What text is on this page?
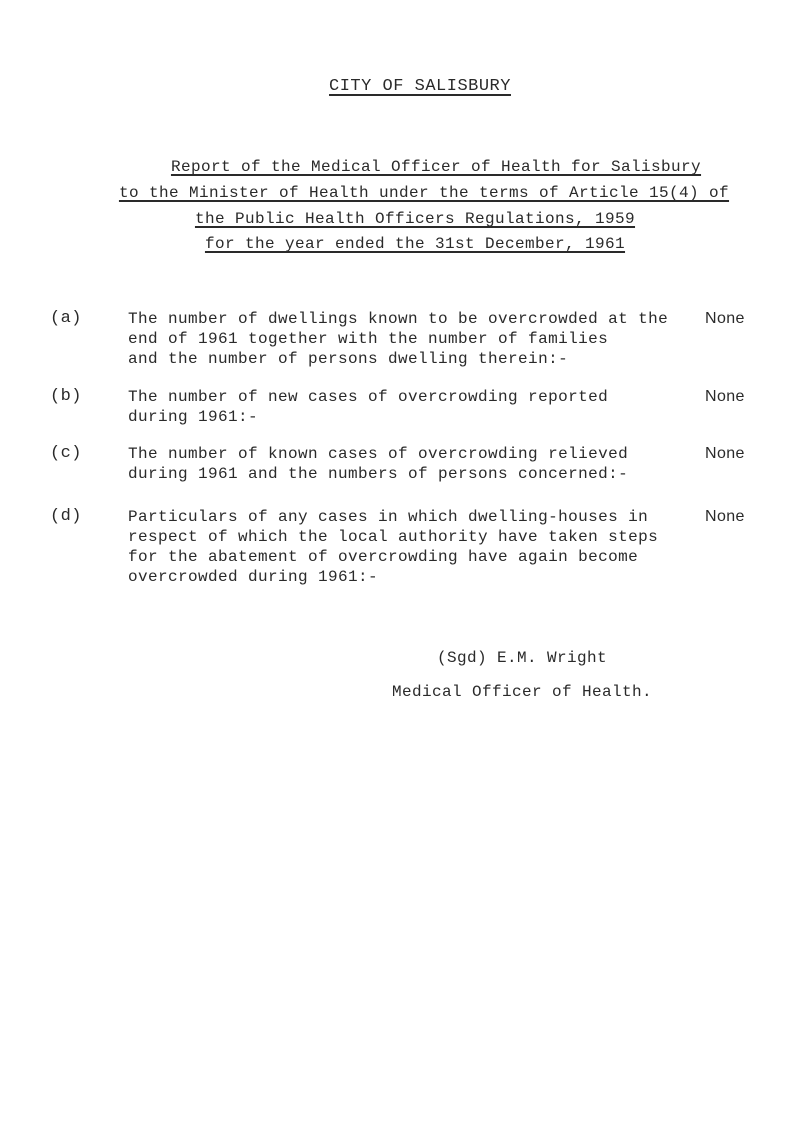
CITY OF SALISBURY
Report of the Medical Officer of Health for Salisbury
to the Minister of Health under the terms of Article 15(4) of
the Public Health Officers Regulations, 1959
for the year ended the 31st December, 1961
(a)	The number of dwellings known to be overcrowded at the
end of 1961 together with the number of families
and the number of persons dwelling therein:-
None
(b)	The number of new cases of overcrowding reported
during 1961:-
None
(c)	The number of known cases of overcrowding relieved
during 1961 and the numbers of persons concerned:-
None
(d)	Particulars of any cases in which dwelling-houses in
respect of which the local authority have taken steps
for the abatement of overcrowding have again become
overcrowded during 1961:-
None
(Sgd) E.M. Wright
Medical Officer of Health.
